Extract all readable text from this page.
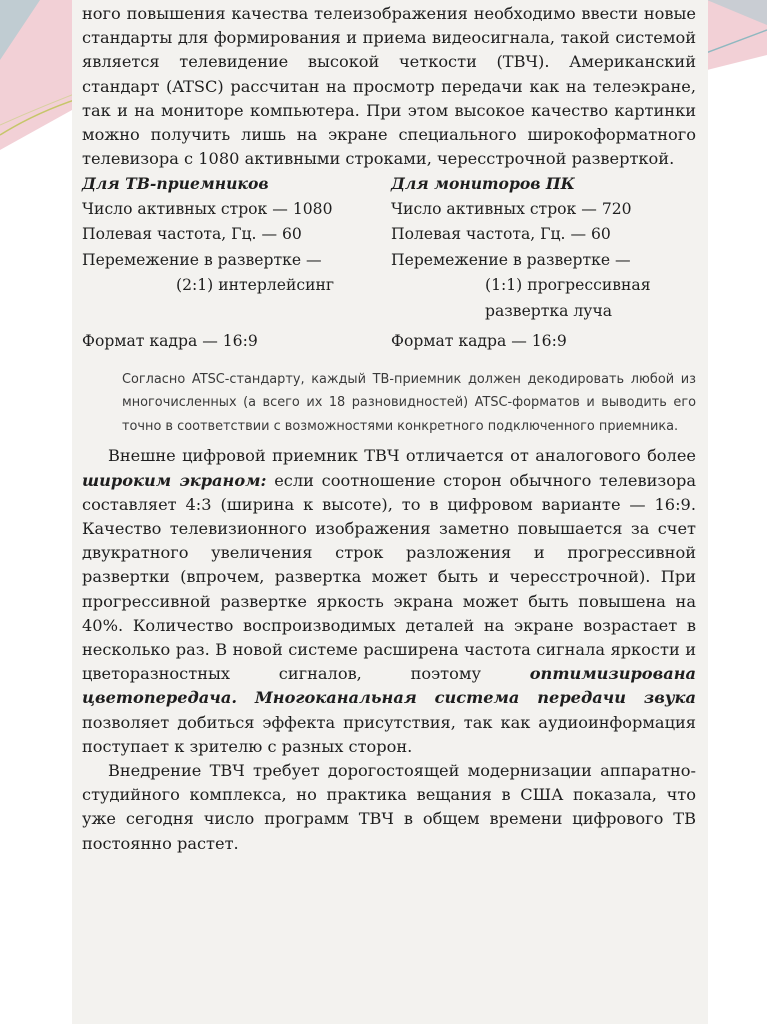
ного повышения качества телеизображения необходимо ввести новые стандарты для формирования и приема видеосигнала, такой системой является телевидение высокой четкости (ТВЧ). Американский стандарт (ATSC) рассчитан на просмотр передачи как на телеэкране, так и на мониторе компьютера. При этом высокое качество картинки можно получить лишь на экране специального широкоформатного телевизора с 1080 активными строками, чересстрочной разверткой.

Для ТВ-приемников
Число активных строк — 1080
Полевая частота, Гц. — 60
Перемежение в развертке —
(2:1) интерлейсинг

Формат кадра — 16:9
Для мониторов ПК
Число активных строк — 720
Полевая частота, Гц. — 60
Перемежение в развертке —
(1:1) прогрессивная
развертка луча
Формат кадра — 16:9

Согласно ATSC-стандарту, каждый ТВ-приемник должен декодировать любой из многочисленных (а всего их 18 разновидностей) ATSC-форматов и выводить его точно в соответствии с возможностями конкретного подключенного приемника.

Внешне цифровой приемник ТВЧ отличается от аналогового более широким экраном: если соотношение сторон обычного телевизора составляет 4:3 (ширина к высоте), то в цифровом варианте — 16:9. Качество телевизионного изображения заметно повышается за счет двукратного увеличения строк разложения и прогрессивной развертки (впрочем, развертка может быть и чересстрочной). При прогрессивной развертке яркость экрана может быть повышена на 40%. Количество воспроизводимых деталей на экране возрастает в несколько раз. В новой системе расширена частота сигнала яркости и цветоразностных сигналов, поэтому оптимизирована цветопередача. Многоканальная система передачи звука позволяет добиться эффекта присутствия, так как аудиоинформация поступает к зрителю с разных сторон.

Внедрение ТВЧ требует дорогостоящей модернизации аппаратно-студийного комплекса, но практика вещания в США показала, что уже сегодня число программ ТВЧ в общем времени цифрового ТВ постоянно растет.
